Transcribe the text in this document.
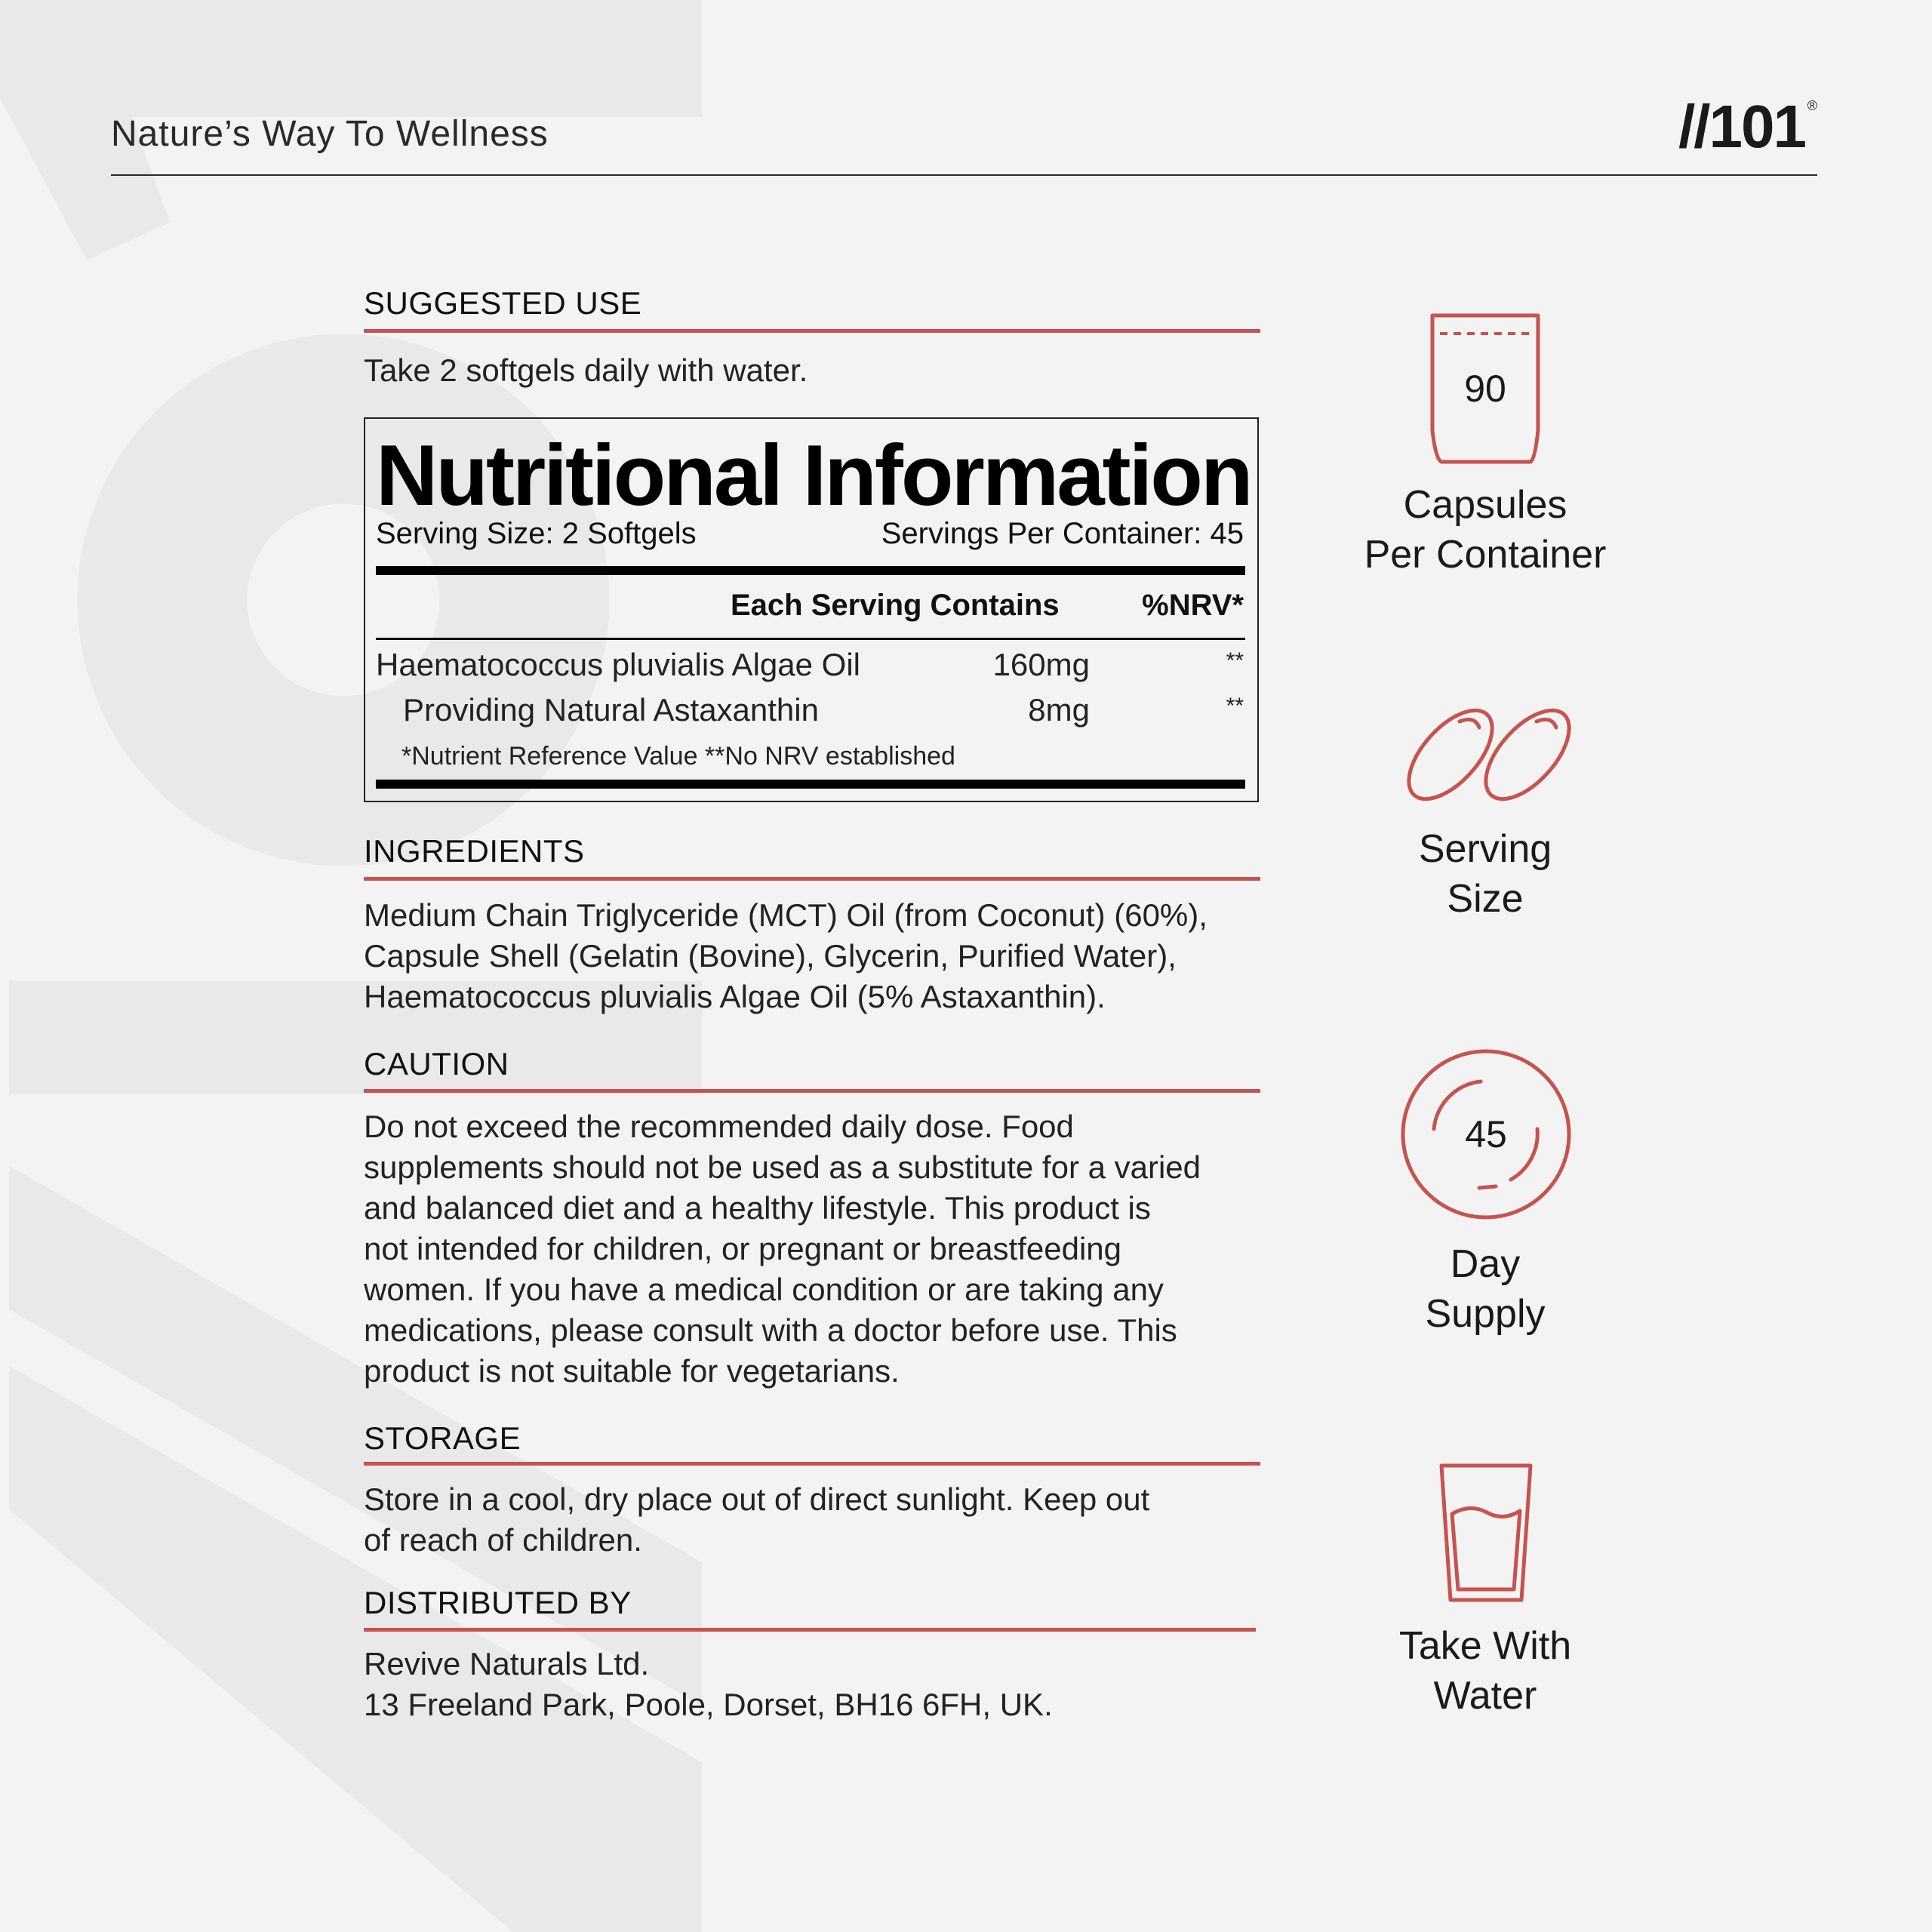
Nature’s Way To Wellness	//101 ®
SUGGESTED USE
Take 2 softgels daily with water.
INGREDIENTS
Medium Chain Triglyceride (MCT) Oil (from Coconut) (60%),
Capsule Shell (Gelatin (Bovine), Glycerin, Purified Water),
Haematococcus pluvialis Algae Oil (5% Astaxanthin).
CAUTION
Do not exceed the recommended daily dose. Food
supplements should not be used as a substitute for a varied
and balanced diet and a healthy lifestyle. This product is
not intended for children, or pregnant or breastfeeding
women. If you have a medical condition or are taking any
medications, please consult with a doctor before use. This
product is not suitable for vegetarians.
STORAGE
Store in a cool, dry place out of direct sunlight. Keep out
of reach of children.
DISTRIBUTED BY
Revive Naturals Ltd.
13 Freeland Park, Poole, Dorset, BH16 6FH, UK.
Nutritional Information
Serving Size: 2 Softgels	Servings Per Container: 45
Each Serving Contains	%NRV*
Haematococcus pluvialis Algae Oil	160mg	**
Providing Natural Astaxanthin	8mg	**
*Nutrient Reference Value **No NRV established
90
Capsules
Per Container
Serving
Size
45
Day
Supply
Take With
Water
